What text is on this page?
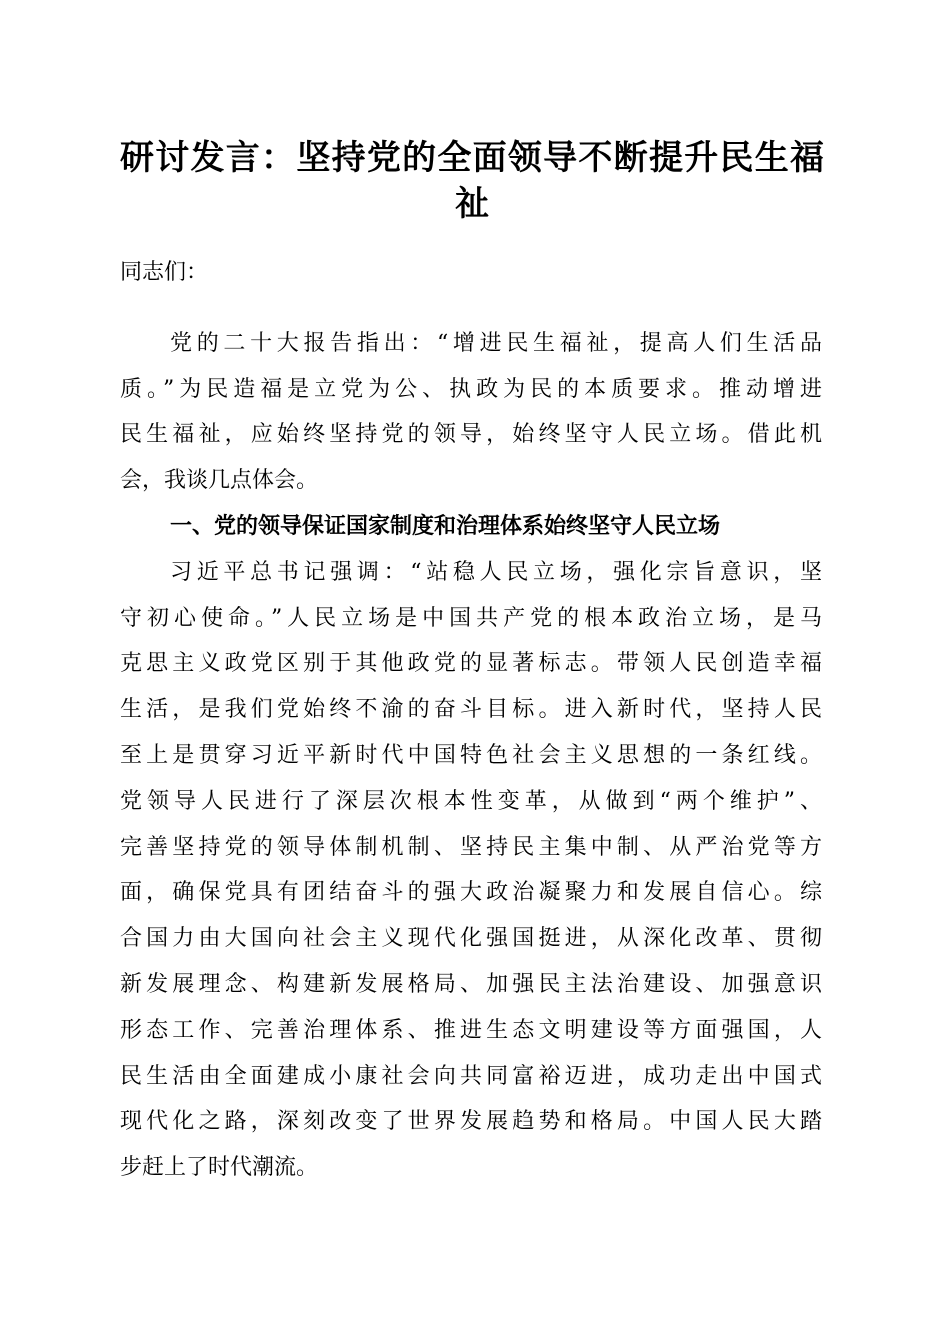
研讨发言：坚持党的全面领导不断提升民生福
祉
同志们：
党的二十大报告指出：“增进民生福祉，提高人们生活品
质。”为民造福是立党为公、执政为民的本质要求。推动增进
民生福祉，应始终坚持党的领导，始终坚守人民立场。借此机
会，我谈几点体会。
一、党的领导保证国家制度和治理体系始终坚守人民立场
习近平总书记强调：“站稳人民立场，强化宗旨意识，坚
守初心使命。”人民立场是中国共产党的根本政治立场，是马
克思主义政党区别于其他政党的显著标志。带领人民创造幸福
生活，是我们党始终不渝的奋斗目标。进入新时代，坚持人民
至上是贯穿习近平新时代中国特色社会主义思想的一条红线。
党领导人民进行了深层次根本性变革，从做到“两个维护”、
完善坚持党的领导体制机制、坚持民主集中制、从严治党等方
面，确保党具有团结奋斗的强大政治凝聚力和发展自信心。综
合国力由大国向社会主义现代化强国挺进，从深化改革、贯彻
新发展理念、构建新发展格局、加强民主法治建设、加强意识
形态工作、完善治理体系、推进生态文明建设等方面强国，人
民生活由全面建成小康社会向共同富裕迈进，成功走出中国式
现代化之路，深刻改变了世界发展趋势和格局。中国人民大踏
步赶上了时代潮流。
